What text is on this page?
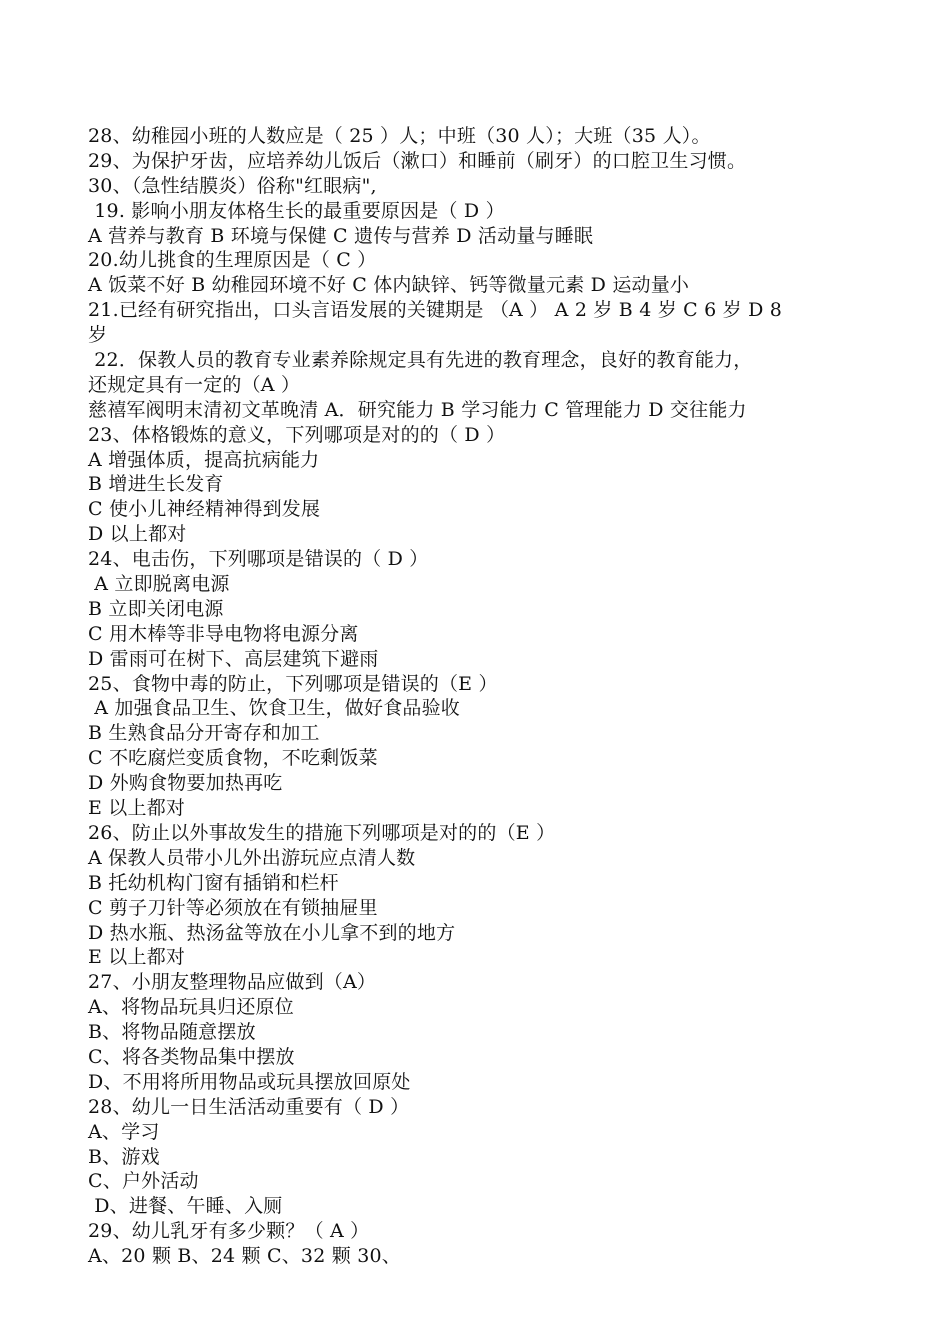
28、幼稚园小班的人数应是（ 25 ）人；中班（30 人）；大班（35 人）。
29、为保护牙齿，应培养幼儿饭后（漱口）和睡前（刷牙）的口腔卫生习惯。
30、（急性结膜炎）俗称"红眼病",
19. 影响小朋友体格生长的最重要原因是（ D ）
A 营养与教育 B 环境与保健 C 遗传与营养 D 活动量与睡眠
20.幼儿挑食的生理原因是（ C ）
A 饭菜不好 B 幼稚园环境不好 C 体内缺锌、钙等微量元素 D 运动量小
21.已经有研究指出，口头言语发展的关键期是 （A ） A 2 岁 B 4 岁 C 6 岁 D 8
岁
22．保教人员的教育专业素养除规定具有先进的教育理念，良好的教育能力，
还规定具有一定的（A ）
慈禧军阀明末清初文革晚清 A．研究能力 B 学习能力 C 管理能力 D 交往能力
23、体格锻炼的意义，下列哪项是对的的（ D ）
A 增强体质，提高抗病能力
B 增进生长发育
C 使小儿神经精神得到发展
D 以上都对
24、电击伤，下列哪项是错误的（ D ）
A 立即脱离电源
B 立即关闭电源
C 用木棒等非导电物将电源分离
D 雷雨可在树下、高层建筑下避雨
25、食物中毒的防止，下列哪项是错误的（E ）
A 加强食品卫生、饮食卫生，做好食品验收
B 生熟食品分开寄存和加工
C 不吃腐烂变质食物，不吃剩饭菜
D 外购食物要加热再吃
E 以上都对
26、防止以外事故发生的措施下列哪项是对的的（E ）
A 保教人员带小儿外出游玩应点清人数
B 托幼机构门窗有插销和栏杆
C 剪子刀针等必须放在有锁抽屉里
D 热水瓶、热汤盆等放在小儿拿不到的地方
E 以上都对
27、小朋友整理物品应做到（A）
A、将物品玩具归还原位
B、将物品随意摆放
C、将各类物品集中摆放
D、不用将所用物品或玩具摆放回原处
28、幼儿一日生活活动重要有（ D ）
A、学习
B、游戏
C、户外活动
D、进餐、午睡、入厕
29、幼儿乳牙有多少颗？（ A ）
A、20 颗 B、24 颗 C、32 颗 30、
